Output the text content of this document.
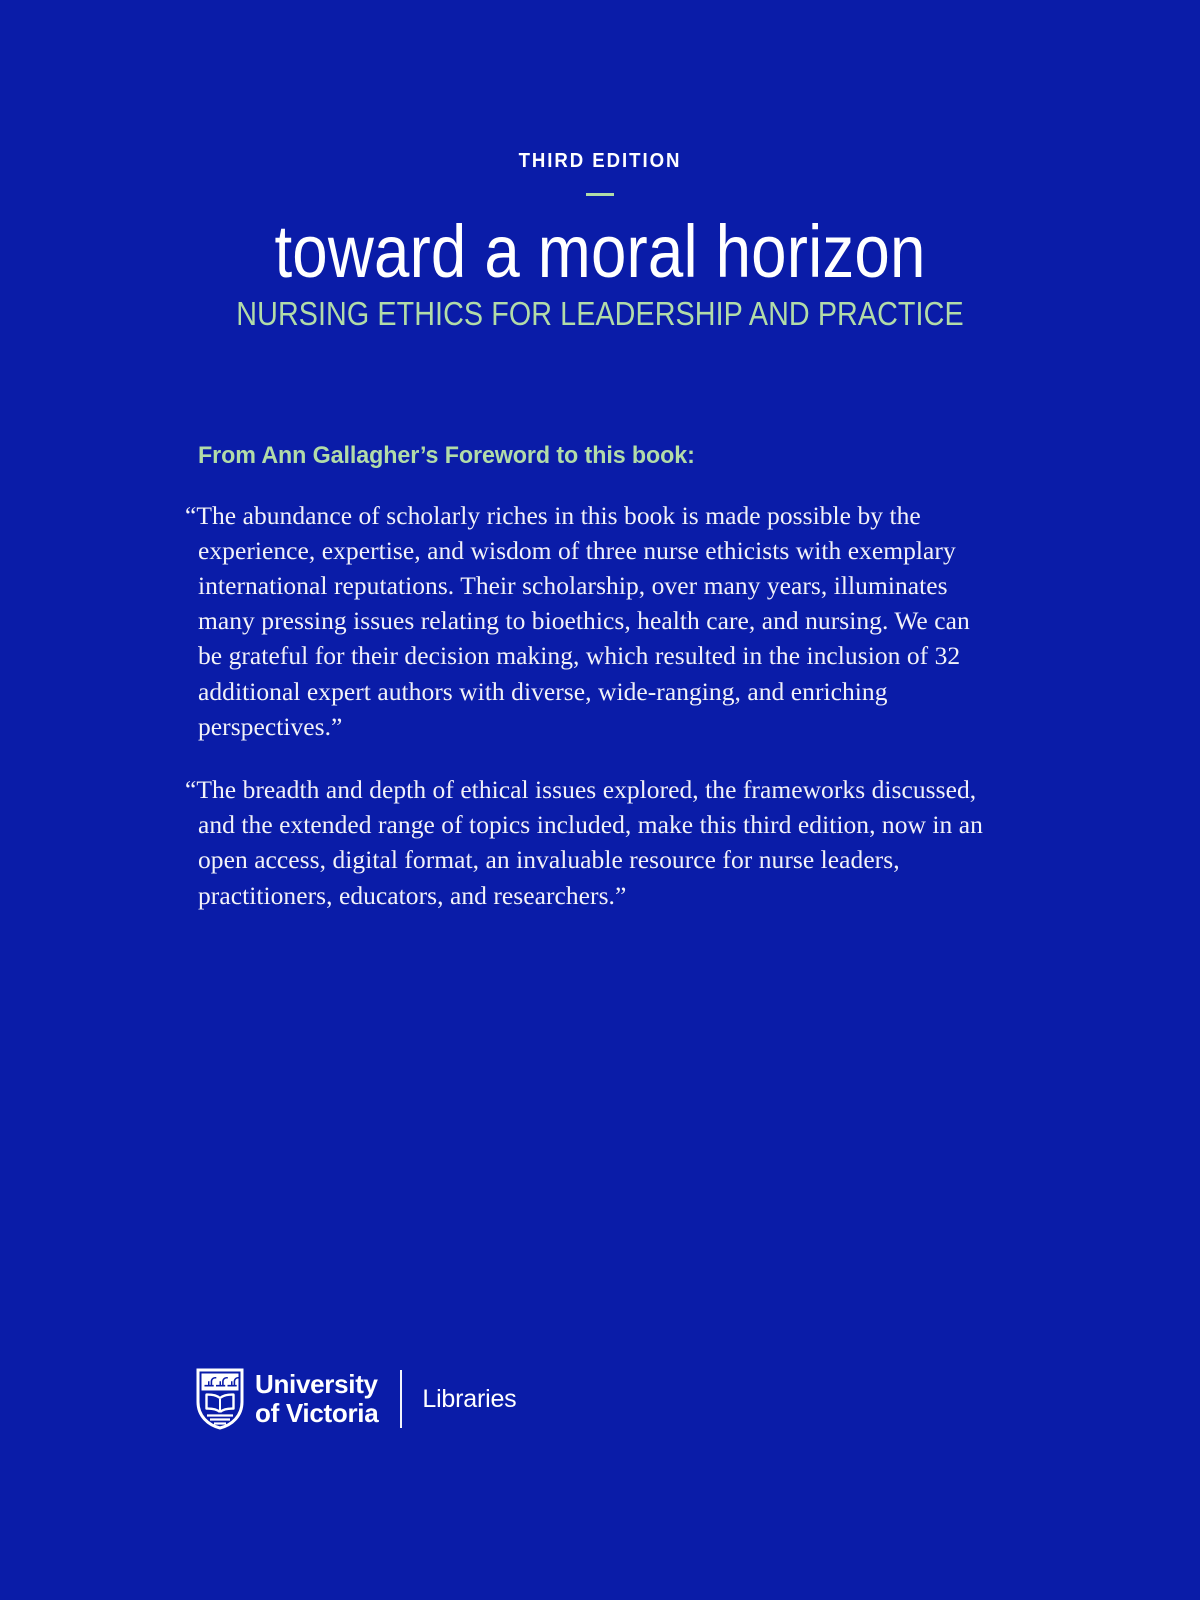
THIRD EDITION
toward a moral horizon
NURSING ETHICS FOR LEADERSHIP AND PRACTICE
From Ann Gallagher’s Foreword to this book:

“The abundance of scholarly riches in this book is made possible by the experience, expertise, and wisdom of three nurse ethicists with exemplary international reputations. Their scholarship, over many years, illuminates many pressing issues relating to bioethics, health care, and nursing. We can be grateful for their decision making, which resulted in the inclusion of 32 additional expert authors with diverse, wide-ranging, and enriching perspectives.”

“The breadth and depth of ethical issues explored, the frameworks discussed, and the extended range of topics included, make this third edition, now in an open access, digital format, an invaluable resource for nurse leaders, practitioners, educators, and researchers.”

University
of Victoria Libraries
